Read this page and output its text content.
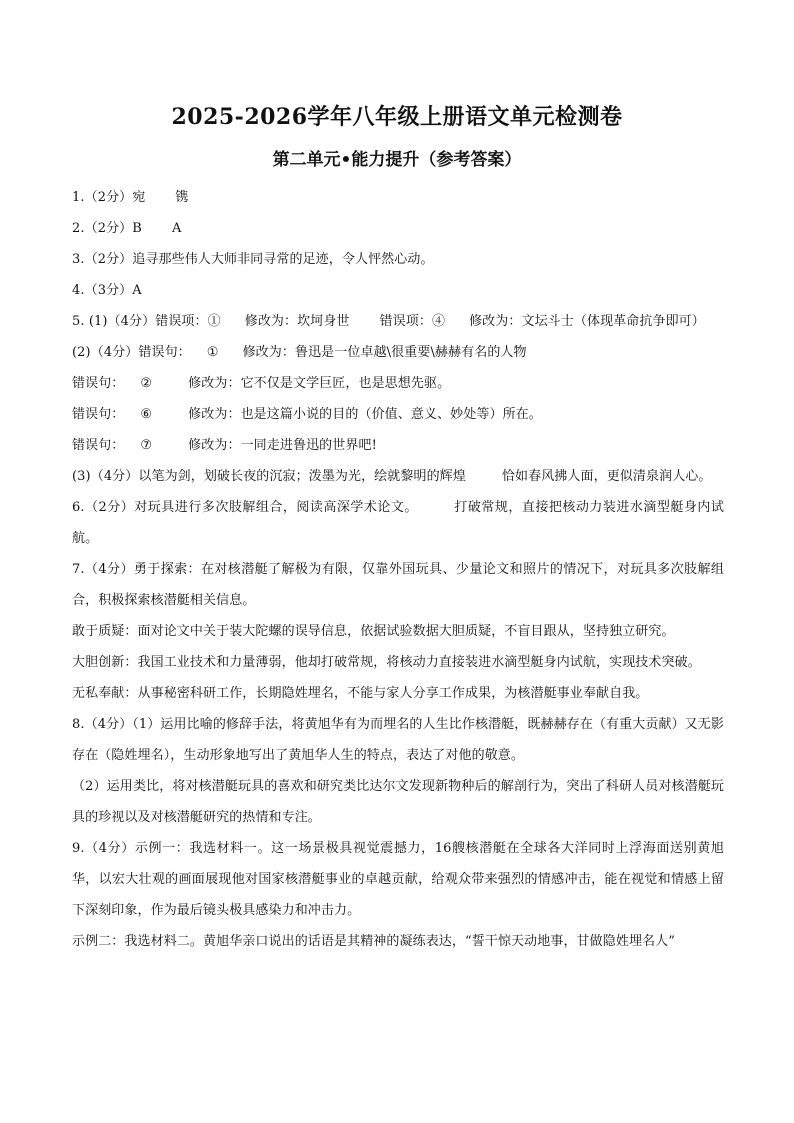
2025-2026学年八年级上册语文单元检测卷
第二单元•能力提升（参考答案）
1.（2分）宛 镌
2.（2分）B A
3.（2分）追寻那些伟人大师非同寻常的足迹，令人怦然心动。
4.（3分）A
5. (1)（4分）错误项：① 修改为：坎坷身世 错误项：④ 修改为：文坛斗士（体现革命抗争即可）
(2)（4分）错误句： ① 修改为：鲁迅是一位卓越\很重要\赫赫有名的人物
错误句： ②	修改为：它不仅是文学巨匠，也是思想先驱。
错误句： ⑥	修改为：也是这篇小说的目的（价值、意义、妙处等）所在。
错误句： ⑦	修改为：一同走进鲁迅的世界吧!
(3)（4分）以笔为剑，划破长夜的沉寂；泼墨为光，绘就黎明的辉煌	恰如春风拂人面，更似清泉润人心。
6.（2分）对玩具进行多次肢解组合，阅读高深学术论文。	打破常规，直接把核动力装进水滴型艇身内试航。
7.（4分）勇于探索：在对核潜艇了解极为有限，仅靠外国玩具、少量论文和照片的情况下，对玩具多次肢解组合，积极探索核潜艇相关信息。
敢于质疑：面对论文中关于装大陀螺的误导信息，依据试验数据大胆质疑，不盲目跟从，坚持独立研究。
大胆创新：我国工业技术和力量薄弱，他却打破常规，将核动力直接装进水滴型艇身内试航，实现技术突破。
无私奉献：从事秘密科研工作，长期隐姓埋名，不能与家人分享工作成果，为核潜艇事业奉献自我。
8.（4分）（1）运用比喻的修辞手法，将黄旭华有为而埋名的人生比作核潜艇，既赫赫存在（有重大贡献）又无影存在（隐姓埋名），生动形象地写出了黄旭华人生的特点，表达了对他的敬意。
（2）运用类比，将对核潜艇玩具的喜欢和研究类比达尔文发现新物种后的解剖行为，突出了科研人员对核潜艇玩具的珍视以及对核潜艇研究的热情和专注。
9.（4分）示例一：我选材料一。这一场景极具视觉震撼力，16艘核潜艇在全球各大洋同时上浮海面送别黄旭华，以宏大壮观的画面展现他对国家核潜艇事业的卓越贡献，给观众带来强烈的情感冲击，能在视觉和情感上留下深刻印象，作为最后镜头极具感染力和冲击力。
示例二：我选材料二。黄旭华亲口说出的话语是其精神的凝练表达，“誓干惊天动地事，甘做隐姓埋名人”
